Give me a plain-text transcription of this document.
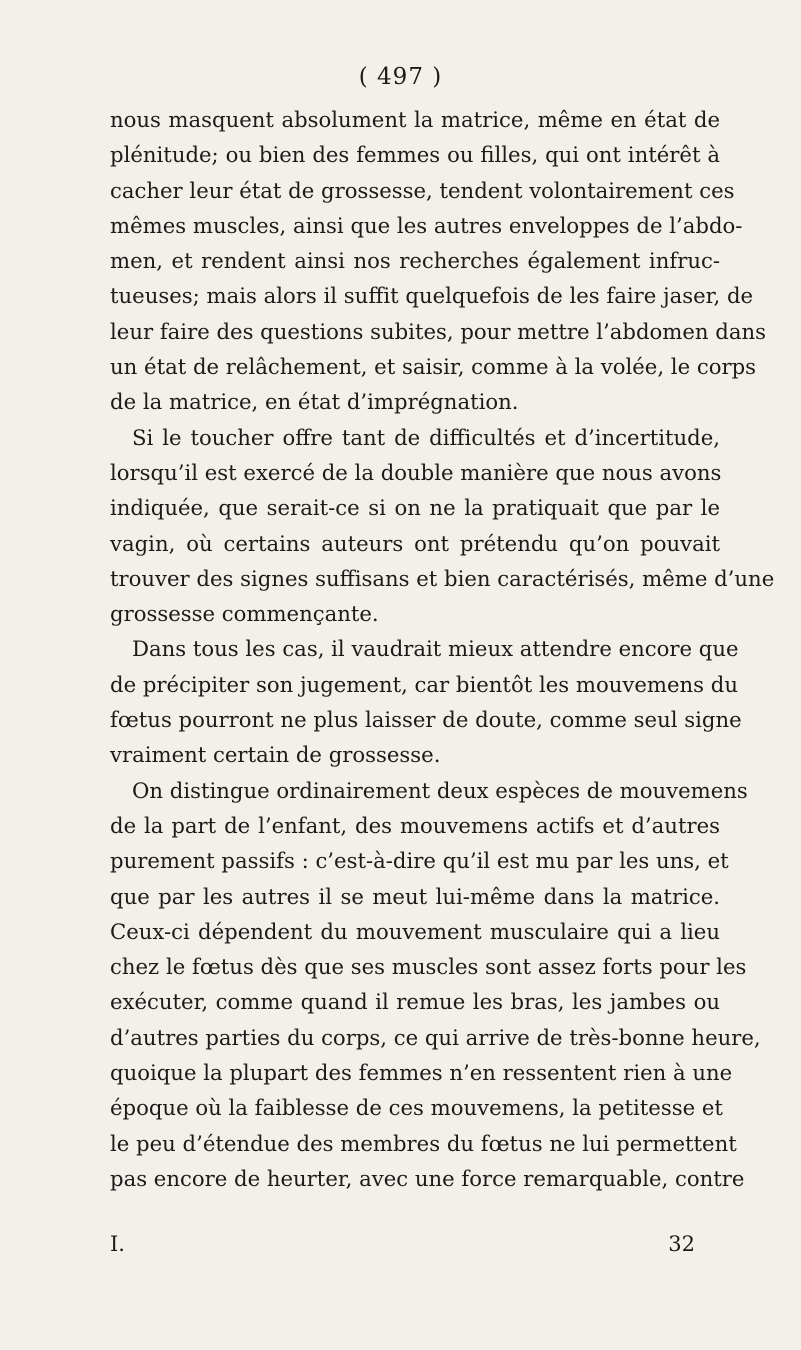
( 497 )
nous masquent absolument la matrice, même en état de
plénitude; ou bien des femmes ou filles, qui ont intérêt à
cacher leur état de grossesse, tendent volontairement ces
mêmes muscles, ainsi que les autres enveloppes de l’abdo-
men, et rendent ainsi nos recherches également infruc-
tueuses; mais alors il suffit quelquefois de les faire jaser, de
leur faire des questions subites, pour mettre l’abdomen dans
un état de relâchement, et saisir, comme à la volée, le corps
de la matrice, en état d’imprégnation.
Si le toucher offre tant de difficultés et d’incertitude,
lorsqu’il est exercé de la double manière que nous avons
indiquée, que serait-ce si on ne la pratiquait que par le
vagin, où certains auteurs ont prétendu qu’on pouvait
trouver des signes suffisans et bien caractérisés, même d’une
grossesse commençante.
Dans tous les cas, il vaudrait mieux attendre encore que
de précipiter son jugement, car bientôt les mouvemens du
fœtus pourront ne plus laisser de doute, comme seul signe
vraiment certain de grossesse.
On distingue ordinairement deux espèces de mouvemens
de la part de l’enfant, des mouvemens actifs et d’autres
purement passifs : c’est-à-dire qu’il est mu par les uns, et
que par les autres il se meut lui-même dans la matrice.
Ceux-ci dépendent du mouvement musculaire qui a lieu
chez le fœtus dès que ses muscles sont assez forts pour les
exécuter, comme quand il remue les bras, les jambes ou
d’autres parties du corps, ce qui arrive de très-bonne heure,
quoique la plupart des femmes n’en ressentent rien à une
époque où la faiblesse de ces mouvemens, la petitesse et
le peu d’étendue des membres du fœtus ne lui permettent
pas encore de heurter, avec une force remarquable, contre
I.	32
